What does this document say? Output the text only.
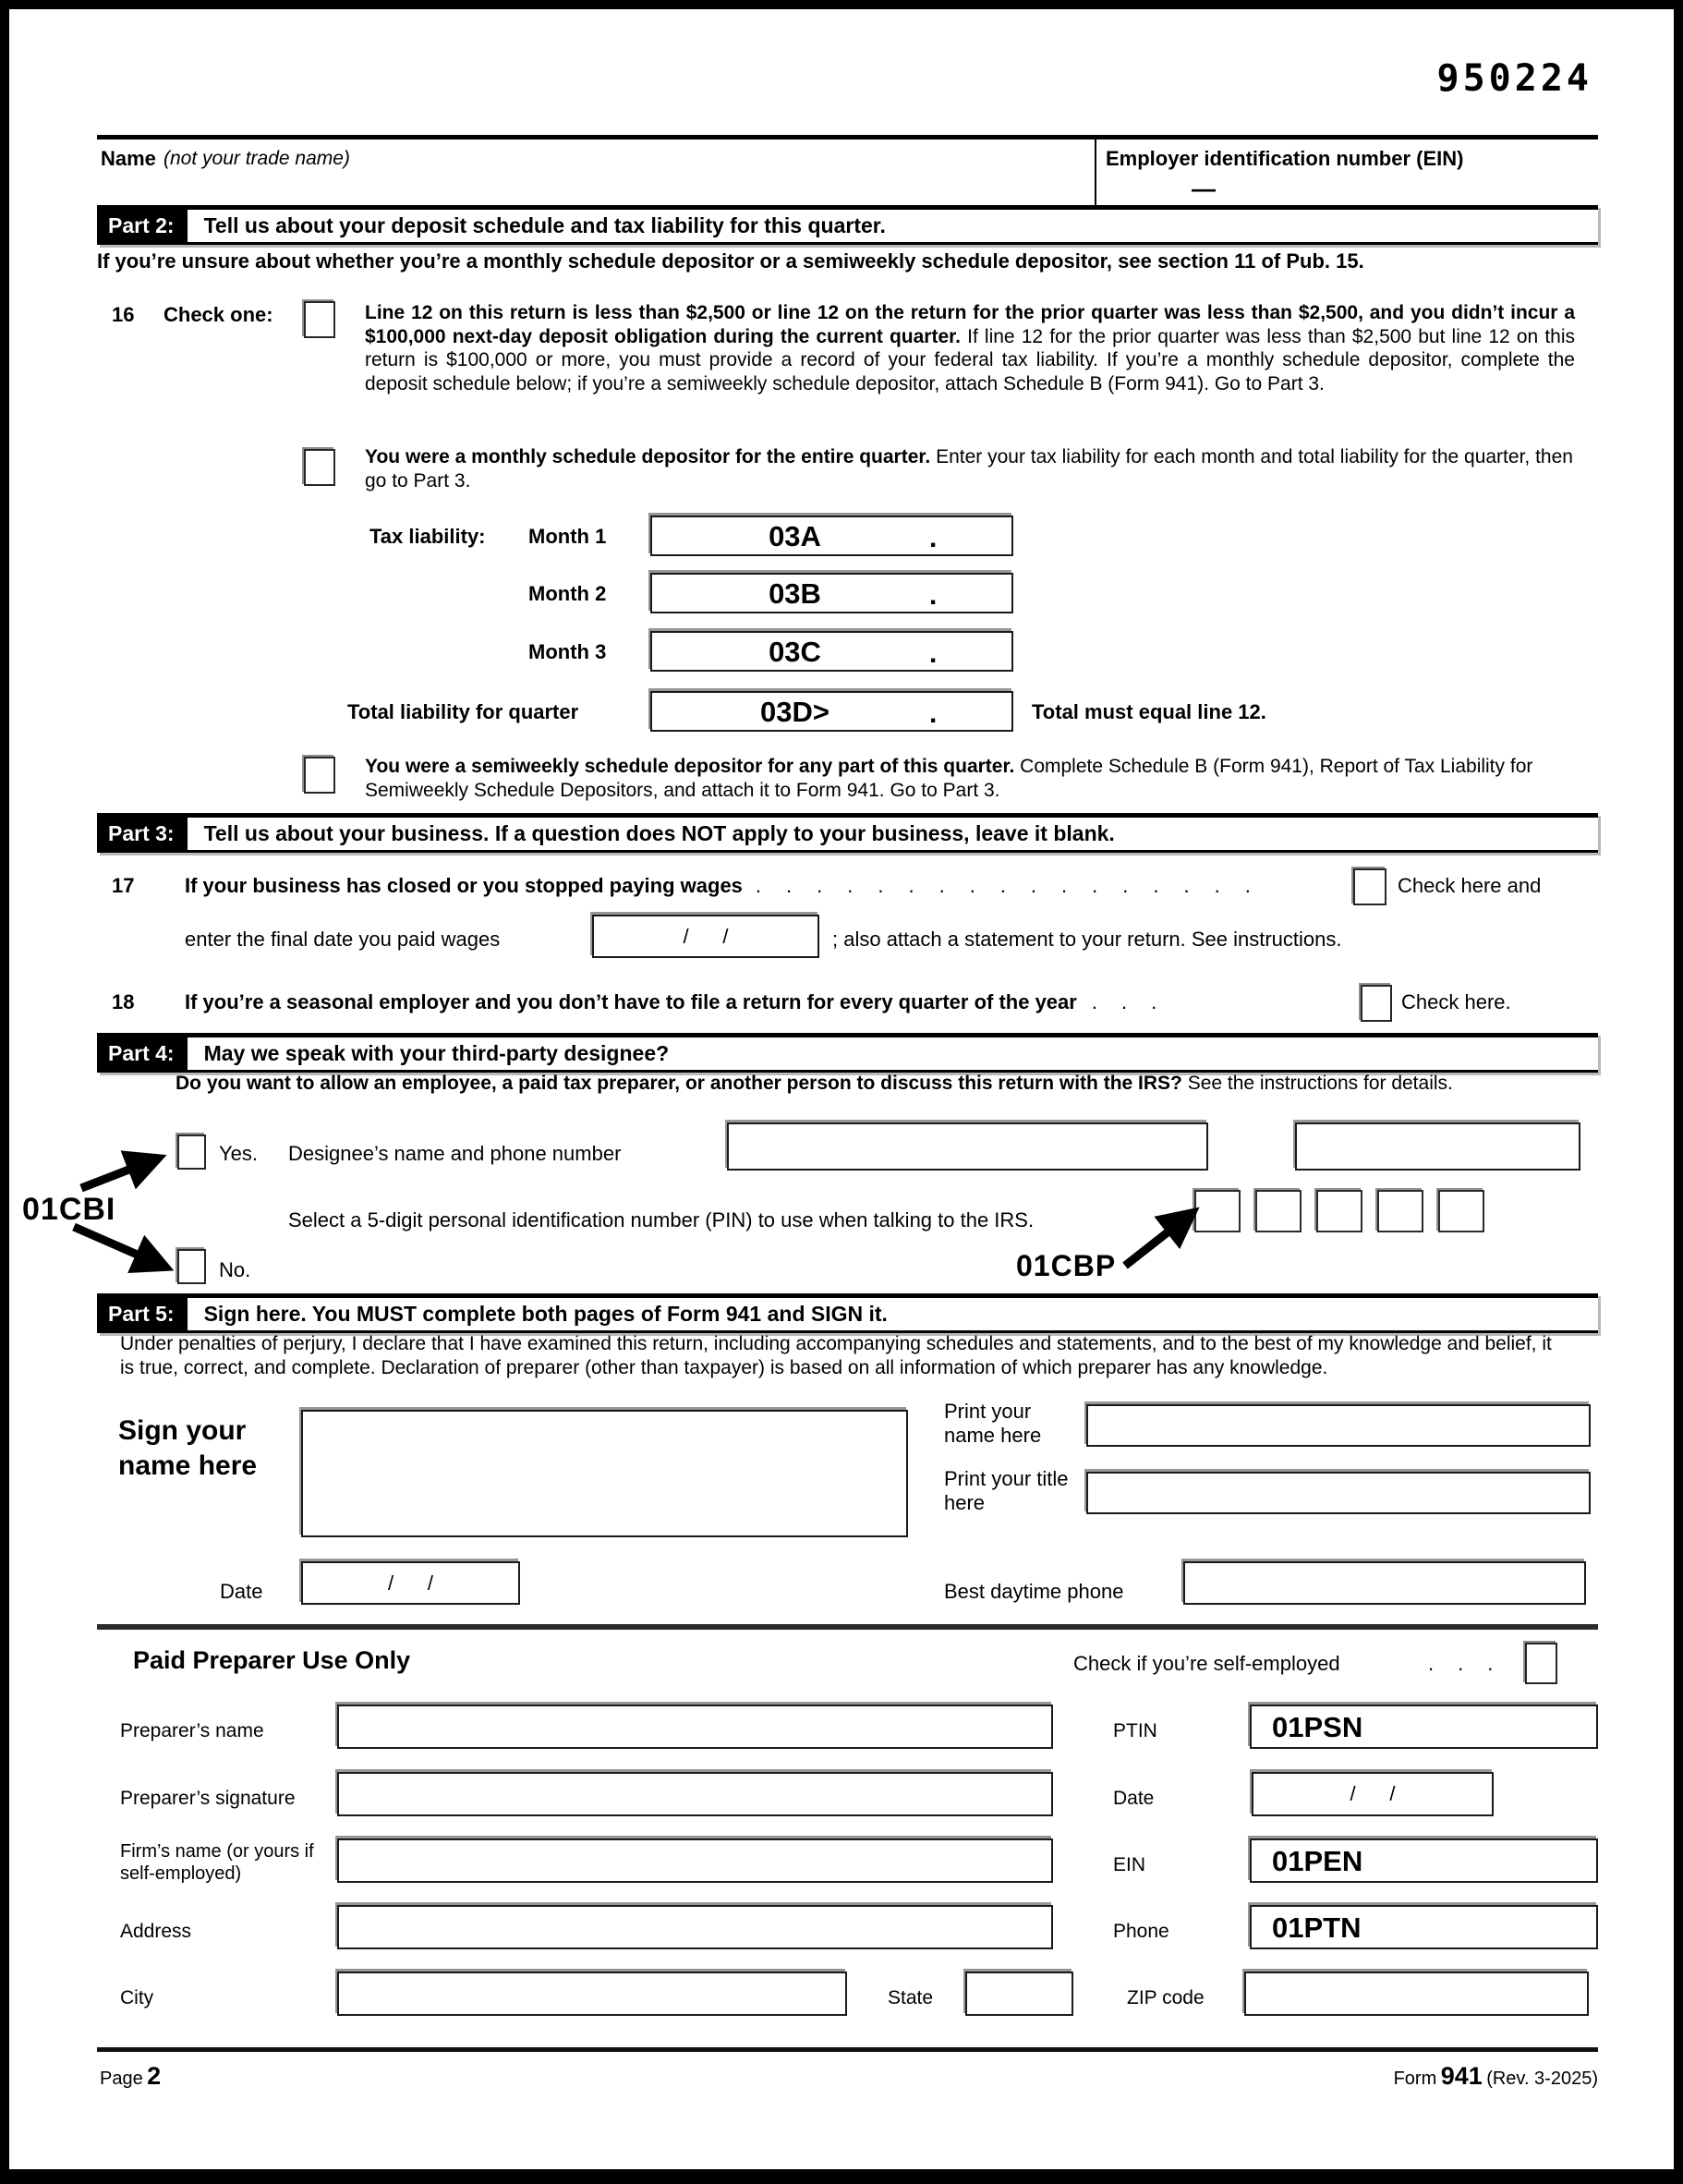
950224
Name (not your trade name)	Employer identification number (EIN)
—
Part 2:	Tell us about your deposit schedule and tax liability for this quarter.
If you’re unsure about whether you’re a monthly schedule depositor or a semiweekly schedule depositor, see section 11 of Pub. 15.
16 Check one:	Line 12 on this return is less than $2,500 or line 12 on the return for the prior quarter was less than $2,500, and you didn’t incur a $100,000 next-day deposit obligation during the current quarter. If line 12 for the prior quarter was less than $2,500 but line 12 on this return is $100,000 or more, you must provide a record of your federal tax liability. If you’re a monthly schedule depositor, complete the deposit schedule below; if you’re a semiweekly schedule depositor, attach Schedule B (Form 941). Go to Part 3.
You were a monthly schedule depositor for the entire quarter. Enter your tax liability for each month and total liability for the quarter, then go to Part 3.
Tax liability: Month 1	03A	.
Month 2	03B	.
Month 3	03C	.
Total liability for quarter	03D>	.	Total must equal line 12.
You were a semiweekly schedule depositor for any part of this quarter. Complete Schedule B (Form 941), Report of Tax Liability for Semiweekly Schedule Depositors, and attach it to Form 941. Go to Part 3.
Part 3:	Tell us about your business. If a question does NOT apply to your business, leave it blank.
17 If your business has closed or you stopped paying wages .................	Check here and
enter the final date you paid wages	/      /	; also attach a statement to your return. See instructions.
18 If you’re a seasonal employer and you don’t have to file a return for every quarter of the year ...	Check here.
Part 4:	May we speak with your third-party designee?
Do you want to allow an employee, a paid tax preparer, or another person to discuss this return with the IRS? See the instructions for details.
Yes. Designee’s name and phone number
Select a 5-digit personal identification number (PIN) to use when talking to the IRS.
01CBP
No.
01CBI
Part 5:	Sign here. You MUST complete both pages of Form 941 and SIGN it.
Under penalties of perjury, I declare that I have examined this return, including accompanying schedules and statements, and to the best of my knowledge and belief, it is true, correct, and complete. Declaration of preparer (other than taxpayer) is based on all information of which preparer has any knowledge.
Sign your name here
Print your name here
Print your title here
Date	/      /	Best daytime phone
Paid Preparer Use Only	Check if you’re self-employed	...
Preparer’s name	PTIN	01PSN
Preparer’s signature	Date	/      /
Firm’s name (or yours if self-employed)	EIN	01PEN
Address	Phone	01PTN
City	State	ZIP code
Page 2	Form 941 (Rev. 3-2025)
